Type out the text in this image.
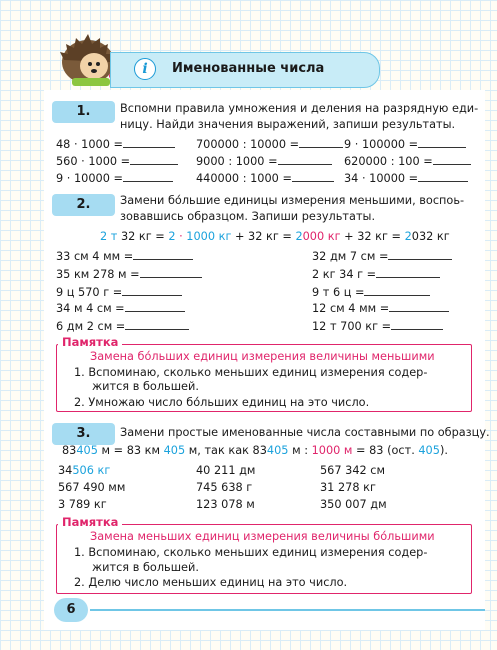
i	Именованные числа
1.	Вспомни правила умножения и деления на разрядную еди-
ницу. Найди значения выражений, запиши результаты.
48 · 1000 =	700000 : 10000 =	9 · 100000 =
560 · 1000 =	9000 : 1000 =	620000 : 100 =
9 · 10000 =	440000 : 1000 =	34 · 10000 =
2.	Замени бо́льшие единицы измерения меньшими, воспоь-
зовавшись образцом. Запиши результаты.
2 т 32 кг = 2 · 1000 кг + 32 кг = 2000 кг + 32 кг = 2032 кг
33 см 4 мм =
35 км 278 м =
9 ц 570 г =
34 м 4 см =
6 дм 2 см =
32 дм 7 см =
2 кг 34 г =
9 т 6 ц =
12 см 4 мм =
12 т 700 кг =
Памятка
Замена бо́льших единиц измерения величины меньшими
1. Вспоминаю, сколько меньших единиц измерения содер-
жится в большей.
2. Умножаю число бо́льших единиц на это число.
3.	Замени простые именованные числа составными по образцу.
83405 м = 83 км 405 м, так как 83405 м : 1000 м = 83 (ост. 405).
34506 кг	40 211 дм	567 342 см
567 490 мм	745 638 г	31 278 кг
3 789 кг	123 078 м	350 007 дм
Памятка
Замена меньших единиц измерения величины бо́льшими
1. Вспоминаю, сколько меньших единиц измерения содер-
жится в большей.
2. Делю число меньших единиц на это число.
6
